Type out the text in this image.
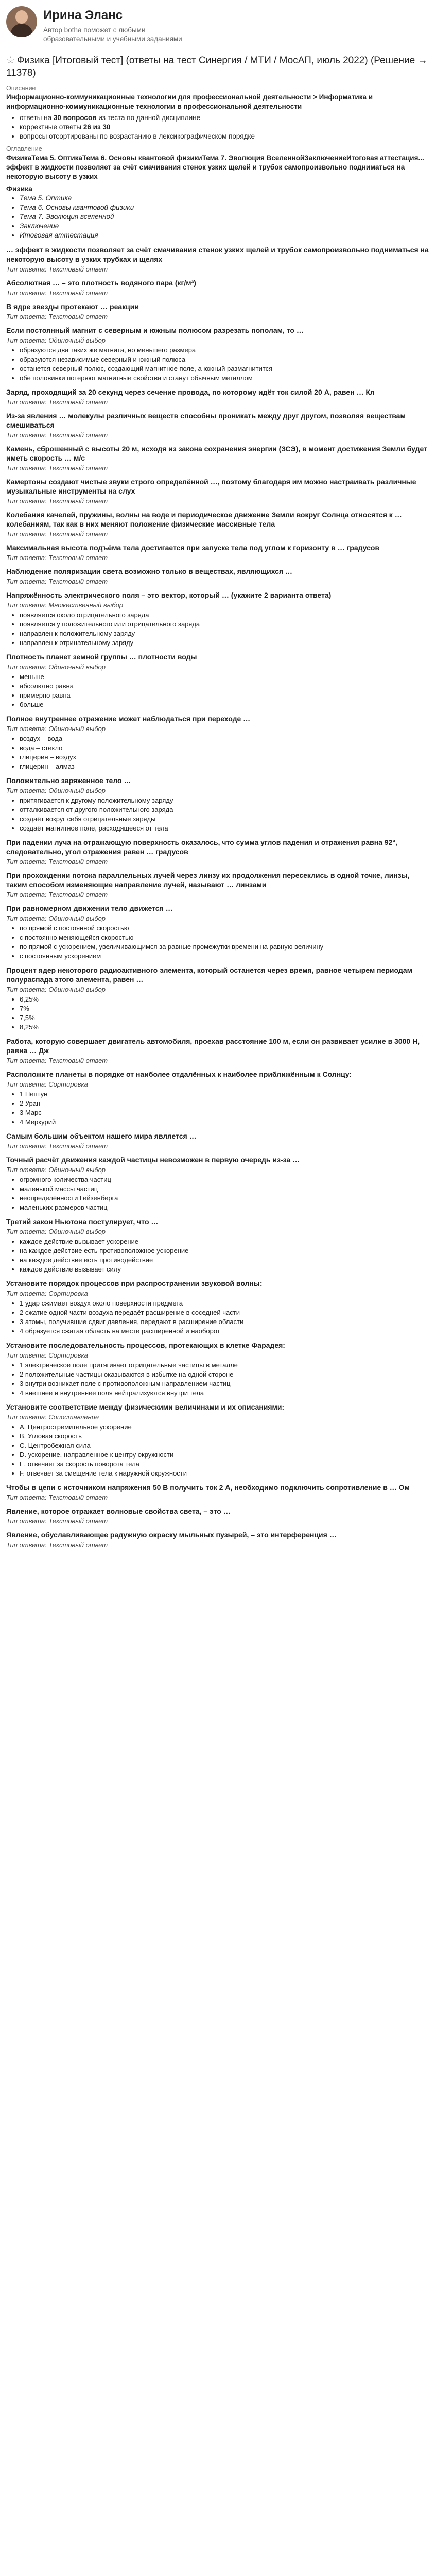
Ирина Эланс
Автор botha поможет с любыми образовательными и учебными заданиями
☆ Физика [Итоговый тест] (ответы на тест Синергия / МТИ / МосАП, июль 2022) (Решение → 11378)
Описание
Информационно-коммуникационные технологии для профессиональной деятельности > Информатика и информационно-коммуникационные технологии в профессиональной деятельности
• ответы на 30 вопросов из теста по данной дисциплине
• корректные ответы 26 из 30
• вопросы отсортированы по возрастанию в лексикографическом порядке
Оглавление
ФизикаТема 5. ОптикаТема 6. Основы квантовой физикиТема 7. Эволюция ВселеннойЗаключениеИтоговая аттестация... эффект в жидкости позволяет за счёт смачивания стенок узких щелей и трубок самопроизвольно подниматься на некоторую высоту в узких
Физика
• Тема 5. Оптика
• Тема 6. Основы квантовой физики
• Тема 7. Эволюция вселенной
• Заключение
• Итоговая аттестация
… эффект в жидкости позволяет за счёт смачивания стенок узких щелей и трубок самопроизвольно подниматься на некоторую высоту в узких трубках и щелях
Тип ответа: Текстовый ответ
Абсолютная … – это плотность водяного пара (кг/м³)
Тип ответа: Текстовый ответ
В ядре звезды протекают … реакции
Тип ответа: Текстовый ответ
Если постоянный магнит с северным и южным полюсом разрезать пополам, то …
Тип ответа: Одиночный выбор
• образуются два таких же магнита, но меньшего размера
• образуются независимые северный и южный полюса
• останется северный полюс, создающий магнитное поле, а южный размагнитится
• обе половинки потеряют магнитные свойства и станут обычным металлом
Заряд, проходящий за 20 секунд через сечение провода, по которому идёт ток силой 20 А, равен … Кл
Тип ответа: Текстовый ответ
Из-за явления … молекулы различных веществ способны проникать между друг другом, позволяя веществам смешиваться
Тип ответа: Текстовый ответ
Камень, сброшенный с высоты 20 м, исходя из закона сохранения энергии (ЗСЭ), в момент достижения Земли будет иметь скорость … м/с
Тип ответа: Текстовый ответ
Камертоны создают чистые звуки строго определённой …, поэтому благодаря им можно настраивать различные музыкальные инструменты на слух
Тип ответа: Текстовый ответ
Колебания качелей, пружины, волны на воде и периодическое движение Земли вокруг Солнца относятся к … колебаниям, так как в них меняют положение физические массивные тела
Тип ответа: Текстовый ответ
Максимальная высота подъёма тела достигается при запуске тела под углом к горизонту в … градусов
Тип ответа: Текстовый ответ
Наблюдение поляризации света возможно только в веществах, являющихся …
Тип ответа: Текстовый ответ
Напряжённость электрического поля – это вектор, который … (укажите 2 варианта ответа)
Тип ответа: Множественный выбор
• появляется около отрицательного заряда
• появляется у положительного или отрицательного заряда
• направлен к положительному заряду
• направлен к отрицательному заряду
Плотность планет земной группы … плотности воды
Тип ответа: Одиночный выбор
• меньше
• абсолютно равна
• примерно равна
• больше
Полное внутреннее отражение может наблюдаться при переходе …
Тип ответа: Одиночный выбор
• воздух – вода
• вода – стекло
• глицерин – воздух
• глицерин – алмаз
Положительно заряженное тело …
Тип ответа: Одиночный выбор
• притягивается к другому положительному заряду
• отталкивается от другого положительного заряда
• создаёт вокруг себя отрицательные заряды
• создаёт магнитное поле, расходящееся от тела
При падении луча на отражающую поверхность оказалось, что сумма углов падения и отражения равна 92°, следовательно, угол отражения равен … градусов
Тип ответа: Текстовый ответ
При прохождении потока параллельных лучей через линзу их продолжения пересеклись в одной точке, линзы, таким способом изменяющие направление лучей, называют … линзами
Тип ответа: Текстовый ответ
При равномерном движении тело движется …
Тип ответа: Одиночный выбор
• по прямой с постоянной скоростью
• с постоянно меняющейся скоростью
• по прямой с ускорением, увеличивающимся за равные промежутки времени на равную величину
• с постоянным ускорением
Процент ядер некоторого радиоактивного элемента, который останется через время, равное четырем периодам полураспада этого элемента, равен …
Тип ответа: Одиночный выбор
• 6,25%
• 7%
• 7,5%
• 8,25%
Работа, которую совершает двигатель автомобиля, проехав расстояние 100 м, если он развивает усилие в 3000 Н, равна … Дж
Тип ответа: Текстовый ответ
Расположите планеты в порядке от наиболее отдалённых к наиболее приближённым к Солнцу:
Тип ответа: Сортировка
• 1 Нептун
• 2 Уран
• 3 Марс
• 4 Меркурий
Самым большим объектом нашего мира является …
Тип ответа: Текстовый ответ
Точный расчёт движения каждой частицы невозможен в первую очередь из-за …
Тип ответа: Одиночный выбор
• огромного количества частиц
• маленькой массы частиц
• неопределённости Гейзенберга
• маленьких размеров частиц
Третий закон Ньютона постулирует, что …
Тип ответа: Одиночный выбор
• каждое действие вызывает ускорение
• на каждое действие есть противоположное ускорение
• на каждое действие есть противодействие
• каждое действие вызывает силу
Установите порядок процессов при распространении звуковой волны:
Тип ответа: Сортировка
• 1 удар сжимает воздух около поверхности предмета
• 2 сжатие одной части воздуха передаёт расширение в соседней части
• 3 атомы, получившие сдвиг давления, передают в расширение области
• 4 образуется сжатая область на месте расширенной и наоборот
Установите последовательность процессов, протекающих в клетке Фарадея:
Тип ответа: Сортировка
• 1 электрическое поле притягивает отрицательные частицы в металле
• 2 положительные частицы оказываются в избытке на одной стороне
• 3 внутри возникает поле с противоположным направлением частиц
• 4 внешнее и внутреннее поля нейтрализуются внутри тела
Установите соответствие между физическими величинами и их описаниями:
Тип ответа: Сопоставление
• A. Центростремительное ускорение
• B. Угловая скорость
• C. Центробежная сила
• D. ускорение, направленное к центру окружности
• E. отвечает за скорость поворота тела
• F. отвечает за смещение тела к наружной окружности
Чтобы в цепи с источником напряжения 50 В получить ток 2 А, необходимо подключить сопротивление в … Ом
Тип ответа: Текстовый ответ
Явление, которое отражает волновые свойства света, – это …
Тип ответа: Текстовый ответ
Явление, обуславливающее радужную окраску мыльных пузырей, – это интерференция …
Тип ответа: Текстовый ответ
